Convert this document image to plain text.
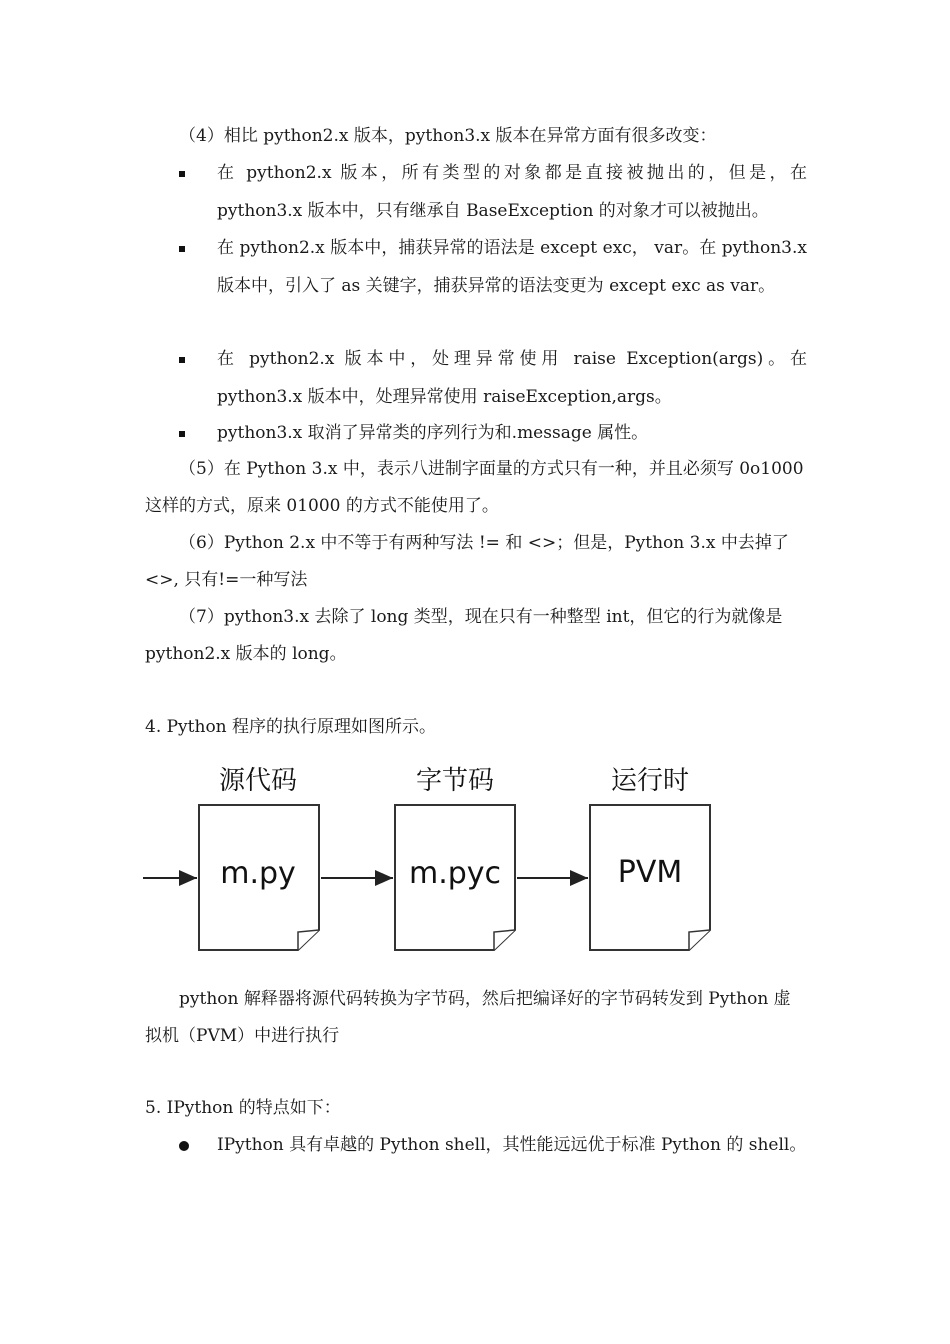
（4）相比 python2.x 版本，python3.x 版本在异常方面有很多改变：

在 python2.x 版本，所有类型的对象都是直接被抛出的，但是，在 python3.x 版本中，只有继承自 BaseException 的对象才可以被抛出。
在 python2.x 版本中，捕获异常的语法是 except exc， var。在 python3.x 版本中，引入了 as 关键字，捕获异常的语法变更为 except exc as var。
在 python2.x 版本中，处理异常使用 raise Exception(args)。在 python3.x 版本中，处理异常使用 raiseException,args。
python3.x 取消了异常类的序列行为和.message 属性。

（5）在 Python 3.x 中，表示八进制字面量的方式只有一种，并且必须写 0o1000 这样的方式，原来 01000 的方式不能使用了。

（6）Python 2.x 中不等于有两种写法 != 和 <>；但是，Python 3.x 中去掉了<>, 只有!=一种写法

（7）python3.x 去除了 long 类型，现在只有一种整型 int，但它的行为就像是 python2.x 版本的 long。

4. Python 程序的执行原理如图所示。

源代码	字节码	运行时
m.py	m.pyc	PVM

python 解释器将源代码转换为字节码，然后把编译好的字节码转发到 Python 虚拟机（PVM）中进行执行

5. IPython 的特点如下：

IPython 具有卓越的 Python shell，其性能远远优于标准 Python 的 shell。
